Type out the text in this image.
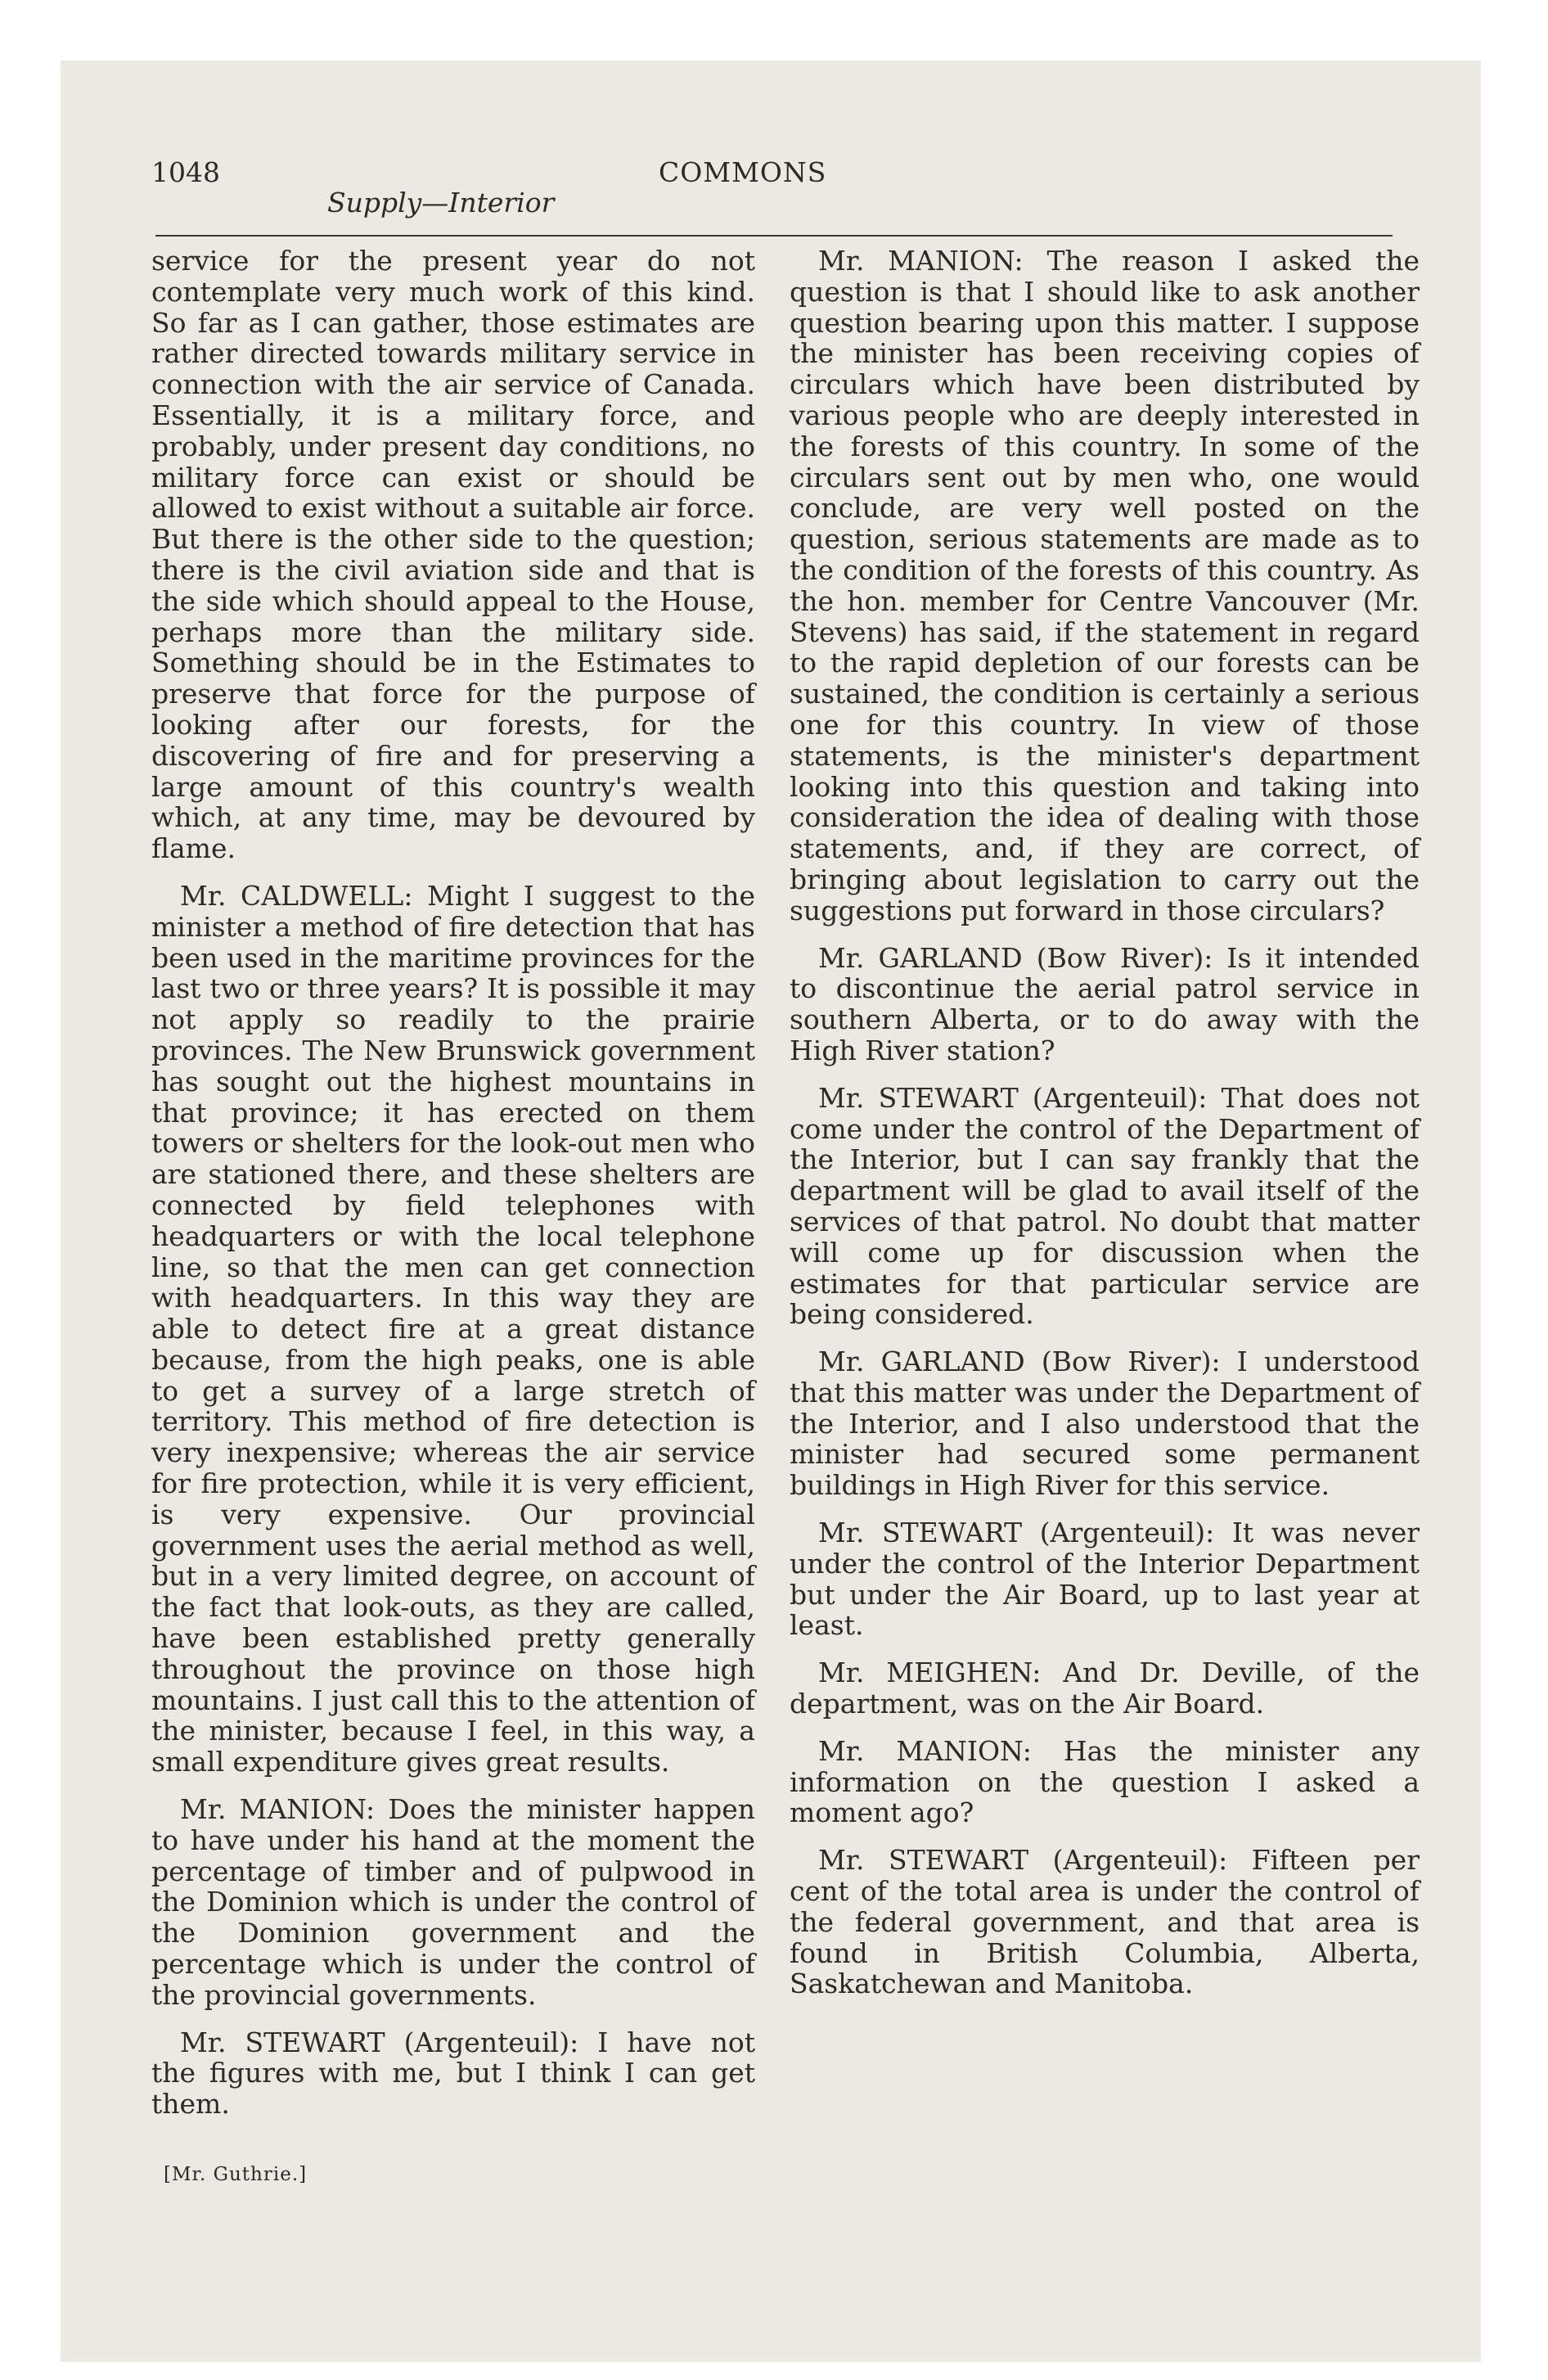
1048	COMMONS
Supply—Interior

service for the present year do not contemplate very much work of this kind. So far as I can gather, those estimates are rather directed towards military service in connection with the air service of Canada. Essentially, it is a military force, and probably, under present day conditions, no military force can exist or should be allowed to exist without a suitable air force. But there is the other side to the question; there is the civil aviation side and that is the side which should appeal to the House, perhaps more than the military side. Something should be in the Estimates to preserve that force for the purpose of looking after our forests, for the discovering of fire and for preserving a large amount of this country's wealth which, at any time, may be devoured by flame.

Mr. CALDWELL: Might I suggest to the minister a method of fire detection that has been used in the maritime provinces for the last two or three years? It is possible it may not apply so readily to the prairie provinces. The New Brunswick government has sought out the highest mountains in that province; it has erected on them towers or shelters for the look-out men who are stationed there, and these shelters are connected by field telephones with headquarters or with the local telephone line, so that the men can get connection with headquarters. In this way they are able to detect fire at a great distance because, from the high peaks, one is able to get a survey of a large stretch of territory. This method of fire detection is very inexpensive; whereas the air service for fire protection, while it is very efficient, is very expensive. Our provincial government uses the aerial method as well, but in a very limited degree, on account of the fact that look-outs, as they are called, have been established pretty generally throughout the province on those high mountains. I just call this to the attention of the minister, because I feel, in this way, a small expenditure gives great results.

Mr. MANION: Does the minister happen to have under his hand at the moment the percentage of timber and of pulpwood in the Dominion which is under the control of the Dominion government and the percentage which is under the control of the provincial governments.

Mr. STEWART (Argenteuil): I have not the figures with me, but I think I can get them.

Mr. MANION: The reason I asked the question is that I should like to ask another question bearing upon this matter. I suppose the minister has been receiving copies of circulars which have been distributed by various people who are deeply interested in the forests of this country. In some of the circulars sent out by men who, one would conclude, are very well posted on the question, serious statements are made as to the condition of the forests of this country. As the hon. member for Centre Vancouver (Mr. Stevens) has said, if the statement in regard to the rapid depletion of our forests can be sustained, the condition is certainly a serious one for this country. In view of those statements, is the minister's department looking into this question and taking into consideration the idea of dealing with those statements, and, if they are correct, of bringing about legislation to carry out the suggestions put forward in those circulars?

Mr. GARLAND (Bow River): Is it intended to discontinue the aerial patrol service in southern Alberta, or to do away with the High River station?

Mr. STEWART (Argenteuil): That does not come under the control of the Department of the Interior, but I can say frankly that the department will be glad to avail itself of the services of that patrol. No doubt that matter will come up for discussion when the estimates for that particular service are being considered.

Mr. GARLAND (Bow River): I understood that this matter was under the Department of the Interior, and I also understood that the minister had secured some permanent buildings in High River for this service.

Mr. STEWART (Argenteuil): It was never under the control of the Interior Department but under the Air Board, up to last year at least.

Mr. MEIGHEN: And Dr. Deville, of the department, was on the Air Board.

Mr. MANION: Has the minister any information on the question I asked a moment ago?

Mr. STEWART (Argenteuil): Fifteen per cent of the total area is under the control of the federal government, and that area is found in British Columbia, Alberta, Saskatchewan and Manitoba.

[Mr. Guthrie.]
